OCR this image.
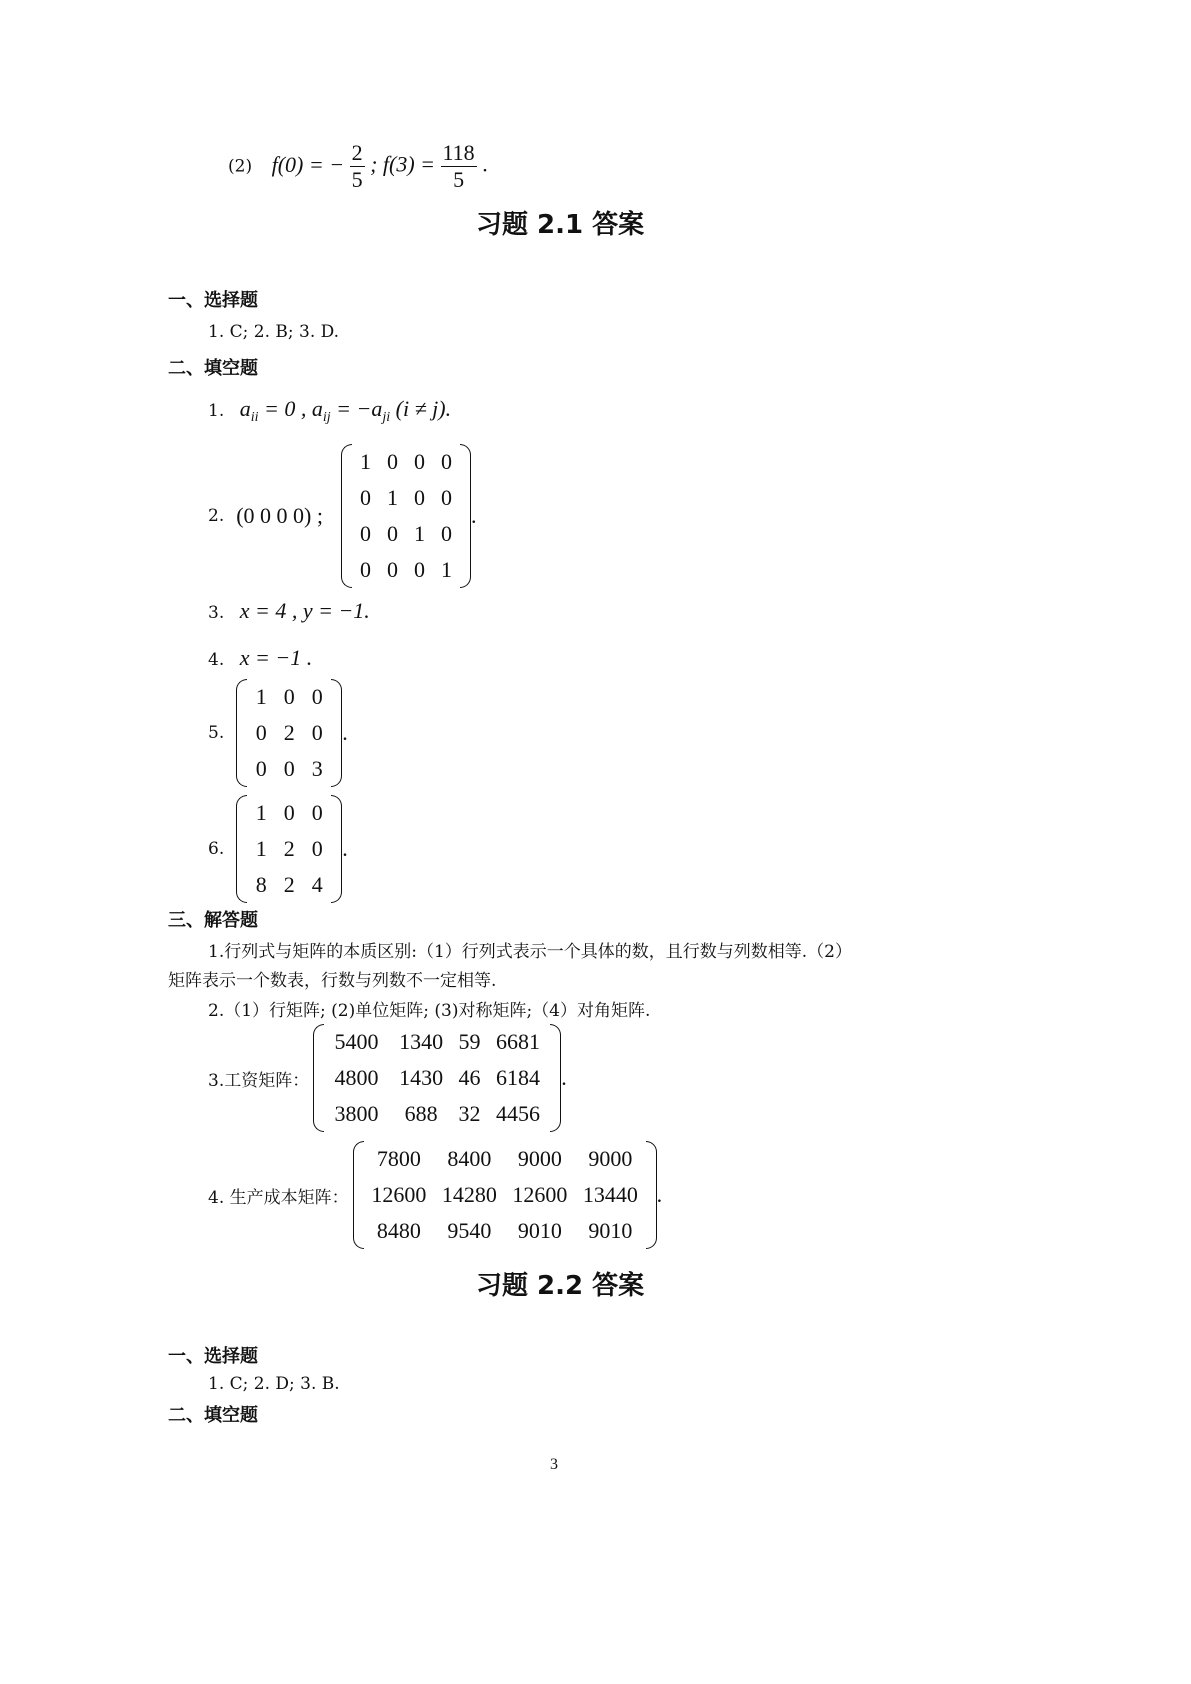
(2) f(0) = − $\frac{2}{5}$ ; $f(3) = \frac{118}{5}$ .
习题 2.1 答案
一、选择题
1. C; 2. B; 3. D.
二、填空题
1. $a_{ii} = 0$ , $a_{ij} = -a_{ji}$ (i ≠ j).
2. (0 0 0 0) ;
1	0	0	0
0	1	0	0
0	0	1	0
0	0	0	1
.
3. x = 4 , y = −1.
4. x = −1 .
5.
1	0	0
0	2	0
0	0	3
.
6.
1	0	0
1	2	0
8	2	4
.
三、解答题
1.行列式与矩阵的本质区别:（1）行列式表示一个具体的数，且行数与列数相等.（2）
矩阵表示一个数表，行数与列数不一定相等.
2.（1）行矩阵; (2)单位矩阵; (3)对称矩阵;（4）对角矩阵.
3.工资矩阵：
5400	1340	59	6681
4800	1430	46	6184
3800	688	32	4456
.
4. 生产成本矩阵：
7800	8400	9000	9000
12600	14280	12600	13440
8480	9540	9010	9010
.
习题 2.2 答案
一、选择题
1. C; 2. D; 3. B.
二、填空题
3
